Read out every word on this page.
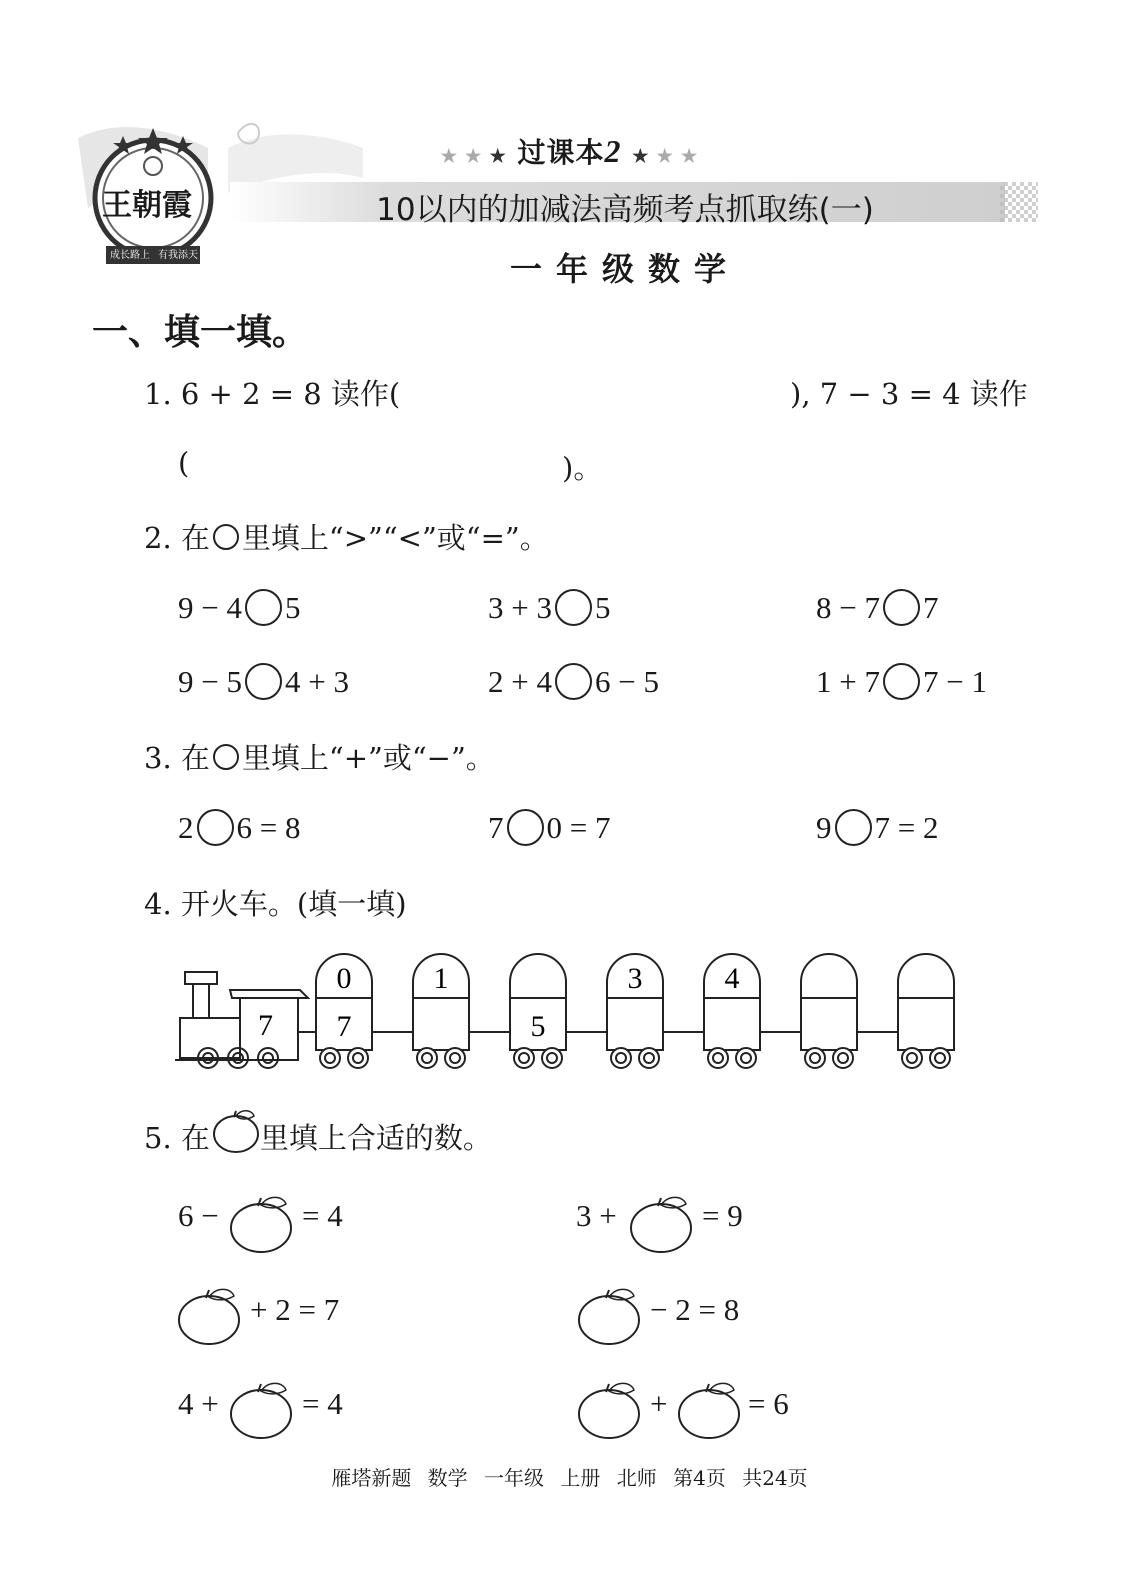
王朝霞
成长路上 有我添天
★ ★ ★ 过课本2 ★ ★ ★
10以内的加减法高频考点抓取练(一)
一年级数学
一、填一填。
1. 6 + 2 = 8 读作(	), 7 − 3 = 4 读作
(	)。
2. 在 里填上“>”“<”或“=”。
9 − 4 5	3 + 3 5	8 − 7 7
9 − 5 4 + 3	2 + 4 6 − 5	1 + 7 7 − 1
3. 在 里填上“+”或“−”。
2 6 = 8	7 0 = 7	9 7 = 2
4. 开火车。(填一填)
7
0
7
1
5
3	4
5. 在 里填上合适的数。
6 −	= 4	3 +	= 9
+ 2 = 7	− 2 = 8
4 +	= 4	+	= 6
雁塔新题 数学 一年级 上册 北师 第4页 共24页
